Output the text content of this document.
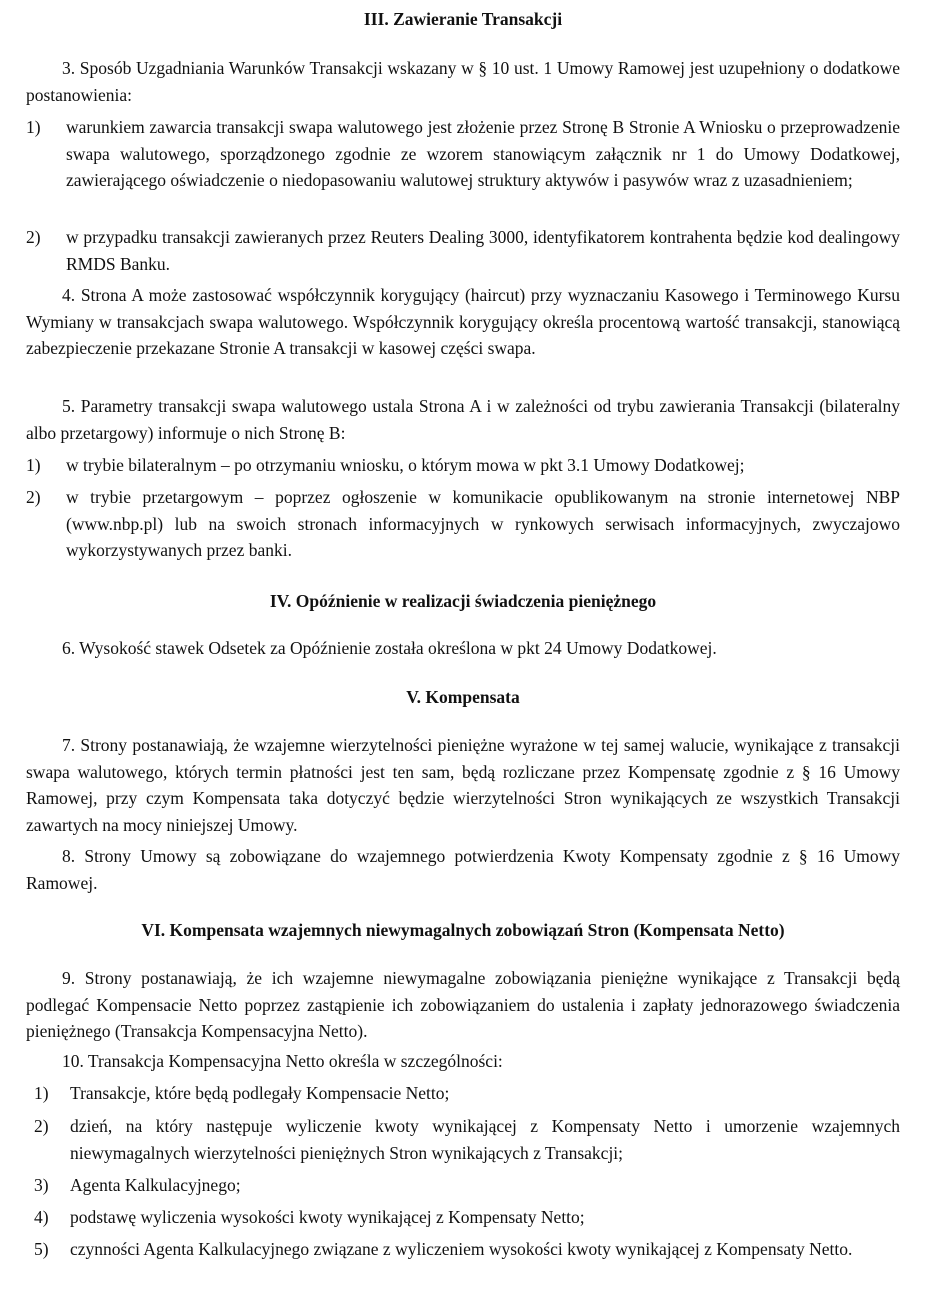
III. Zawieranie Transakcji

3. Sposób Uzgadniania Warunków Transakcji wskazany w § 10 ust. 1 Umowy Ramowej jest uzupełniony o dodatkowe postanowienia:

1)	warunkiem zawarcia transakcji swapa walutowego jest złożenie przez Stronę B Stronie A Wniosku o przeprowadzenie swapa walutowego, sporządzonego zgodnie ze wzorem stanowiącym załącznik nr 1 do Umowy Dodatkowej, zawierającego oświadczenie o niedopasowaniu walutowej struktury aktywów i pasywów wraz z uzasadnieniem;
2)	w przypadku transakcji zawieranych przez Reuters Dealing 3000, identyfikatorem kontrahenta będzie kod dealingowy RMDS Banku.

4. Strona A może zastosować współczynnik korygujący (haircut) przy wyznaczaniu Kasowego i Terminowego Kursu Wymiany w transakcjach swapa walutowego. Współczynnik korygujący określa procentową wartość transakcji, stanowiącą zabezpieczenie przekazane Stronie A transakcji w kasowej części swapa.

5. Parametry transakcji swapa walutowego ustala Strona A i w zależności od trybu zawierania Transakcji (bilateralny albo przetargowy) informuje o nich Stronę B:

1)	w trybie bilateralnym – po otrzymaniu wniosku, o którym mowa w pkt 3.1 Umowy Dodatkowej;
2)	w trybie przetargowym – poprzez ogłoszenie w komunikacie opublikowanym na stronie internetowej NBP (www.nbp.pl) lub na swoich stronach informacyjnych w rynkowych serwisach informacyjnych, zwyczajowo wykorzystywanych przez banki.
IV. Opóźnienie w realizacji świadczenia pieniężnego

6. Wysokość stawek Odsetek za Opóźnienie została określona w pkt 24 Umowy Dodatkowej.

V. Kompensata

7. Strony postanawiają, że wzajemne wierzytelności pieniężne wyrażone w tej samej walucie, wynikające z transakcji swapa walutowego, których termin płatności jest ten sam, będą rozliczane przez Kompensatę zgodnie z § 16 Umowy Ramowej, przy czym Kompensata taka dotyczyć będzie wierzytelności Stron wynikających ze wszystkich Transakcji zawartych na mocy niniejszej Umowy.

8. Strony Umowy są zobowiązane do wzajemnego potwierdzenia Kwoty Kompensaty zgodnie z § 16 Umowy Ramowej.

VI. Kompensata wzajemnych niewymagalnych zobowiązań Stron (Kompensata Netto)

9. Strony postanawiają, że ich wzajemne niewymagalne zobowiązania pieniężne wynikające z Transakcji będą podlegać Kompensacie Netto poprzez zastąpienie ich zobowiązaniem do ustalenia i zapłaty jednorazowego świadczenia pieniężnego (Transakcja Kompensacyjna Netto).

10. Transakcja Kompensacyjna Netto określa w szczególności:

1)	Transakcje, które będą podlegały Kompensacie Netto;
2)	dzień, na który następuje wyliczenie kwoty wynikającej z Kompensaty Netto i umorzenie wzajemnych niewymagalnych wierzytelności pieniężnych Stron wynikających z Transakcji;
3)	Agenta Kalkulacyjnego;
4)	podstawę wyliczenia wysokości kwoty wynikającej z Kompensaty Netto;
5)	czynności Agenta Kalkulacyjnego związane z wyliczeniem wysokości kwoty wynikającej z Kompensaty Netto.
